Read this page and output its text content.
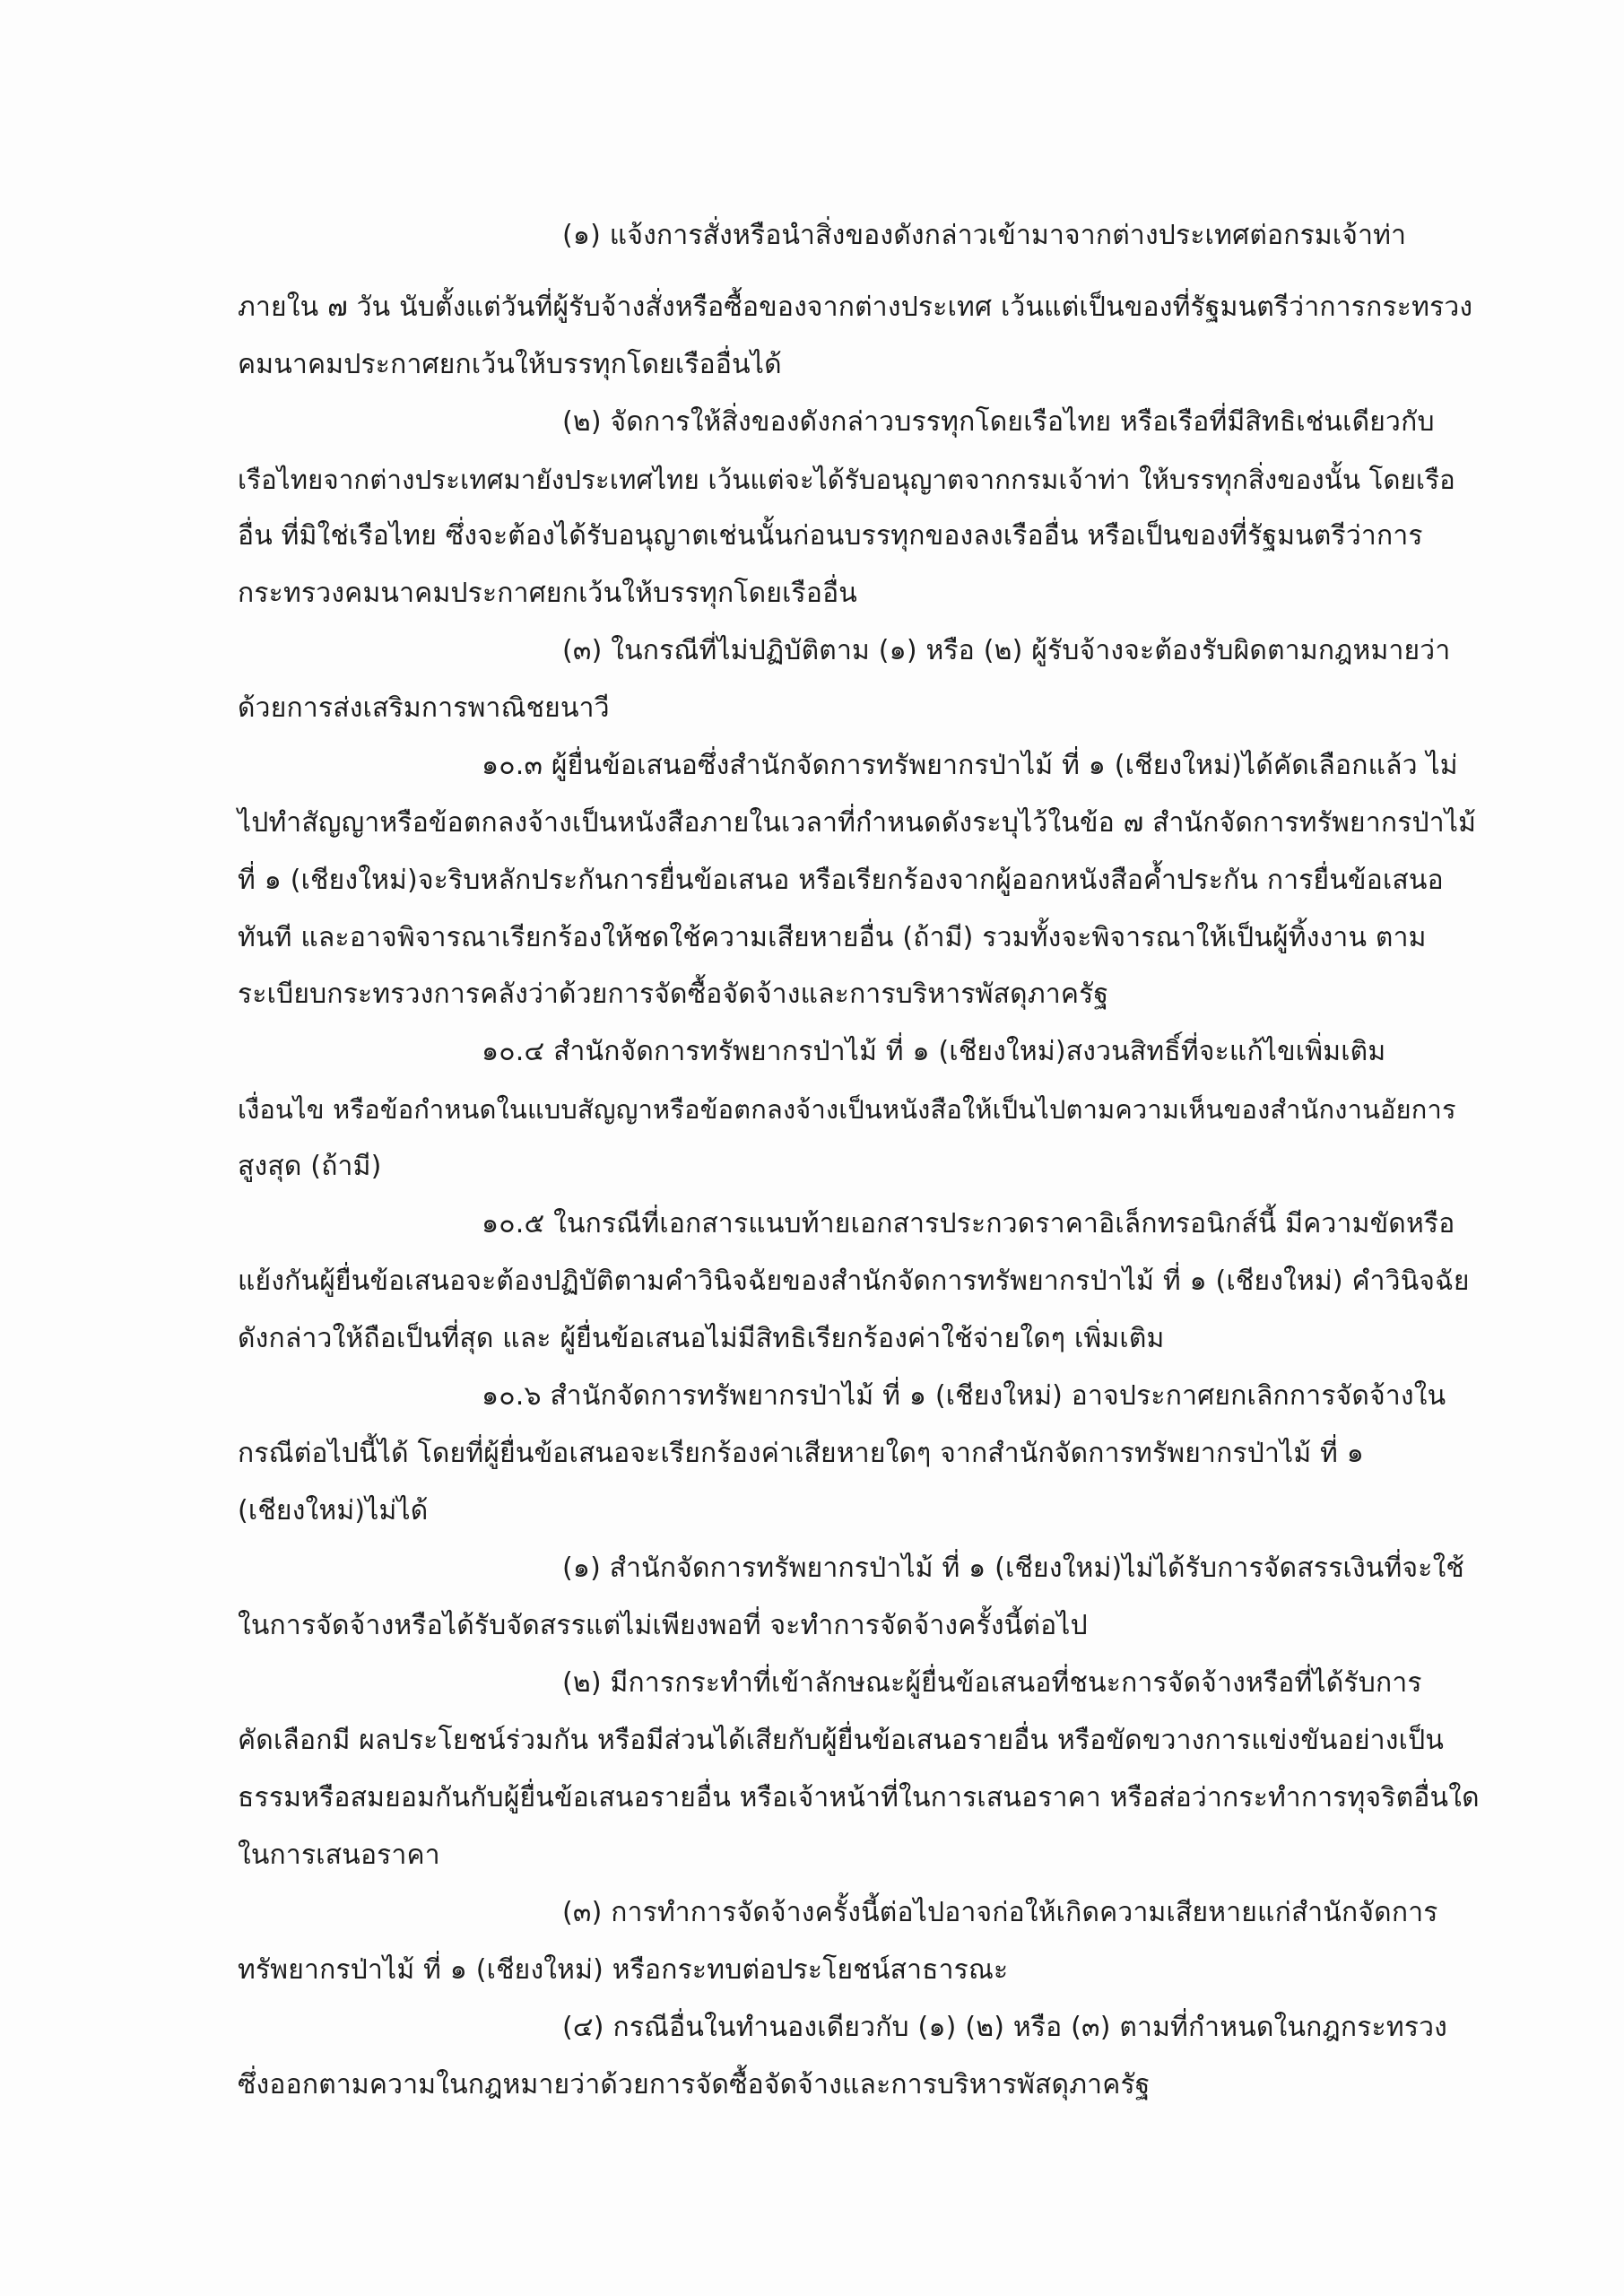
(๑) แจ้งการสั่งหรือนำสิ่งของดังกล่าวเข้ามาจากต่างประเทศต่อกรมเจ้าท่า
ภายใน ๗ วัน นับตั้งแต่วันที่ผู้รับจ้างสั่งหรือซื้อของจากต่างประเทศ เว้นแต่เป็นของที่รัฐมนตรีว่าการกระทรวง
คมนาคมประกาศยกเว้นให้บรรทุกโดยเรืออื่นได้
(๒) จัดการให้สิ่งของดังกล่าวบรรทุกโดยเรือไทย หรือเรือที่มีสิทธิเช่นเดียวกับ
เรือไทยจากต่างประเทศมายังประเทศไทย เว้นแต่จะได้รับอนุญาตจากกรมเจ้าท่า ให้บรรทุกสิ่งของนั้น โดยเรือ
อื่น ที่มิใช่เรือไทย ซึ่งจะต้องได้รับอนุญาตเช่นนั้นก่อนบรรทุกของลงเรืออื่น หรือเป็นของที่รัฐมนตรีว่าการ
กระทรวงคมนาคมประกาศยกเว้นให้บรรทุกโดยเรืออื่น
(๓) ในกรณีที่ไม่ปฏิบัติตาม (๑) หรือ (๒) ผู้รับจ้างจะต้องรับผิดตามกฎหมายว่า
ด้วยการส่งเสริมการพาณิชยนาวี
๑๐.๓ ผู้ยื่นข้อเสนอซึ่งสำนักจัดการทรัพยากรป่าไม้ ที่ ๑ (เชียงใหม่)ได้คัดเลือกแล้ว ไม่
ไปทำสัญญาหรือข้อตกลงจ้างเป็นหนังสือภายในเวลาที่กำหนดดังระบุไว้ในข้อ ๗ สำนักจัดการทรัพยากรป่าไม้
ที่ ๑ (เชียงใหม่)จะริบหลักประกันการยื่นข้อเสนอ หรือเรียกร้องจากผู้ออกหนังสือค้ำประกัน การยื่นข้อเสนอ
ทันที และอาจพิจารณาเรียกร้องให้ชดใช้ความเสียหายอื่น (ถ้ามี) รวมทั้งจะพิจารณาให้เป็นผู้ทิ้งงาน ตาม
ระเบียบกระทรวงการคลังว่าด้วยการจัดซื้อจัดจ้างและการบริหารพัสดุภาครัฐ
๑๐.๔ สำนักจัดการทรัพยากรป่าไม้ ที่ ๑ (เชียงใหม่)สงวนสิทธิ์ที่จะแก้ไขเพิ่มเติม
เงื่อนไข หรือข้อกำหนดในแบบสัญญาหรือข้อตกลงจ้างเป็นหนังสือให้เป็นไปตามความเห็นของสำนักงานอัยการ
สูงสุด (ถ้ามี)
๑๐.๕ ในกรณีที่เอกสารแนบท้ายเอกสารประกวดราคาอิเล็กทรอนิกส์นี้ มีความขัดหรือ
แย้งกันผู้ยื่นข้อเสนอจะต้องปฏิบัติตามคำวินิจฉัยของสำนักจัดการทรัพยากรป่าไม้ ที่ ๑ (เชียงใหม่) คำวินิจฉัย
ดังกล่าวให้ถือเป็นที่สุด และ ผู้ยื่นข้อเสนอไม่มีสิทธิเรียกร้องค่าใช้จ่ายใดๆ เพิ่มเติม
๑๐.๖ สำนักจัดการทรัพยากรป่าไม้ ที่ ๑ (เชียงใหม่) อาจประกาศยกเลิกการจัดจ้างใน
กรณีต่อไปนี้ได้ โดยที่ผู้ยื่นข้อเสนอจะเรียกร้องค่าเสียหายใดๆ จากสำนักจัดการทรัพยากรป่าไม้ ที่ ๑
(เชียงใหม่)ไม่ได้
(๑) สำนักจัดการทรัพยากรป่าไม้ ที่ ๑ (เชียงใหม่)ไม่ได้รับการจัดสรรเงินที่จะใช้
ในการจัดจ้างหรือได้รับจัดสรรแต่ไม่เพียงพอที่ จะทำการจัดจ้างครั้งนี้ต่อไป
(๒) มีการกระทำที่เข้าลักษณะผู้ยื่นข้อเสนอที่ชนะการจัดจ้างหรือที่ได้รับการ
คัดเลือกมี ผลประโยชน์ร่วมกัน หรือมีส่วนได้เสียกับผู้ยื่นข้อเสนอรายอื่น หรือขัดขวางการแข่งขันอย่างเป็น
ธรรมหรือสมยอมกันกับผู้ยื่นข้อเสนอรายอื่น หรือเจ้าหน้าที่ในการเสนอราคา หรือส่อว่ากระทำการทุจริตอื่นใด
ในการเสนอราคา
(๓) การทำการจัดจ้างครั้งนี้ต่อไปอาจก่อให้เกิดความเสียหายแก่สำนักจัดการ
ทรัพยากรป่าไม้ ที่ ๑ (เชียงใหม่) หรือกระทบต่อประโยชน์สาธารณะ
(๔) กรณีอื่นในทำนองเดียวกับ (๑) (๒) หรือ (๓) ตามที่กำหนดในกฎกระทรวง
ซึ่งออกตามความในกฎหมายว่าด้วยการจัดซื้อจัดจ้างและการบริหารพัสดุภาครัฐ
